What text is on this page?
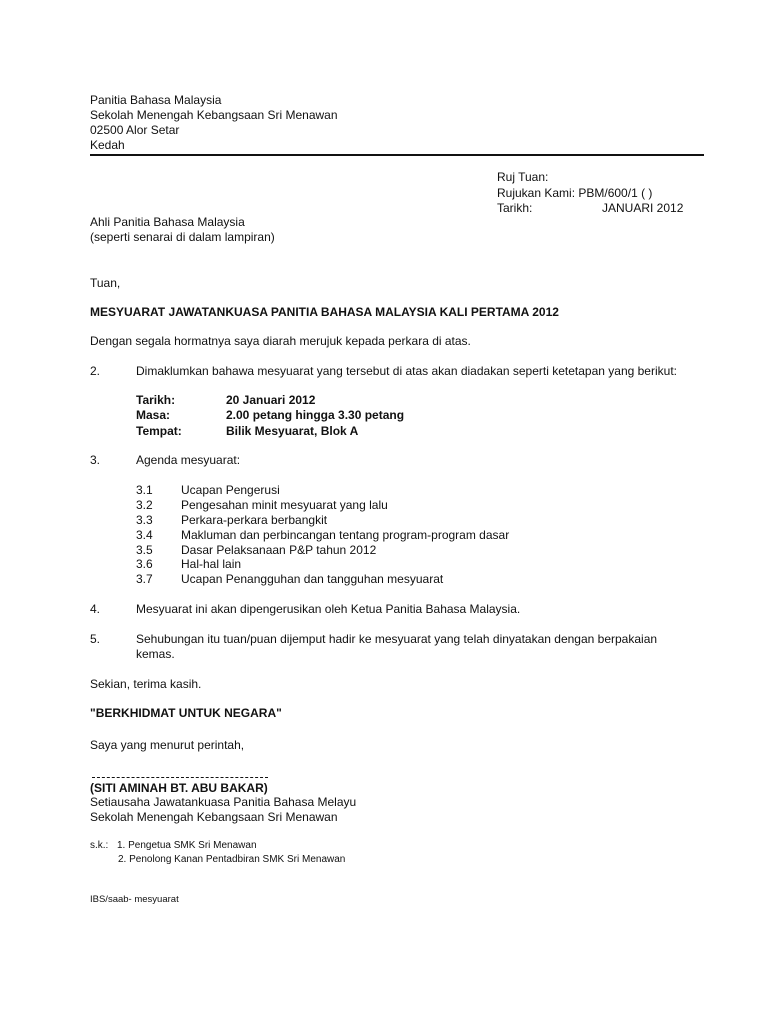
Panitia Bahasa Malaysia
Sekolah Menengah Kebangsaan Sri Menawan
02500 Alor Setar
Kedah
Ruj Tuan:
Rujukan Kami: PBM/600/1 ( )
Tarikh:	JANUARI 2012
Ahli Panitia Bahasa Malaysia
(seperti senarai di dalam lampiran)
Tuan,
MESYUARAT JAWATANKUASA PANITIA BAHASA MALAYSIA KALI PERTAMA 2012
Dengan segala hormatnya saya diarah merujuk kepada perkara di atas.
2.	Dimaklumkan bahawa mesyuarat yang tersebut di atas akan diadakan seperti ketetapan yang berikut:
Tarikh:	20 Januari 2012
Masa:	2.00 petang hingga 3.30 petang
Tempat:	Bilik Mesyuarat, Blok A
3.	Agenda mesyuarat:
3.1 Ucapan Pengerusi
3.2 Pengesahan minit mesyuarat yang lalu
3.3 Perkara-perkara berbangkit
3.4 Makluman dan perbincangan tentang program-program dasar
3.5 Dasar Pelaksanaan P&P tahun 2012
3.6 Hal-hal lain
3.7 Ucapan Penangguhan dan tangguhan mesyuarat
4.	Mesyuarat ini akan dipengerusikan oleh Ketua Panitia Bahasa Malaysia.
5.	Sehubungan itu tuan/puan dijemput hadir ke mesyuarat yang telah dinyatakan dengan berpakaian
kemas.
Sekian, terima kasih.
"BERKHIDMAT UNTUK NEGARA"
Saya yang menurut perintah,
(SITI AMINAH BT. ABU BAKAR)
Setiausaha Jawatankuasa Panitia Bahasa Melayu
Sekolah Menengah Kebangsaan Sri Menawan
s.k.: 1. Pengetua SMK Sri Menawan
2. Penolong Kanan Pentadbiran SMK Sri Menawan
IBS/saab- mesyuarat
